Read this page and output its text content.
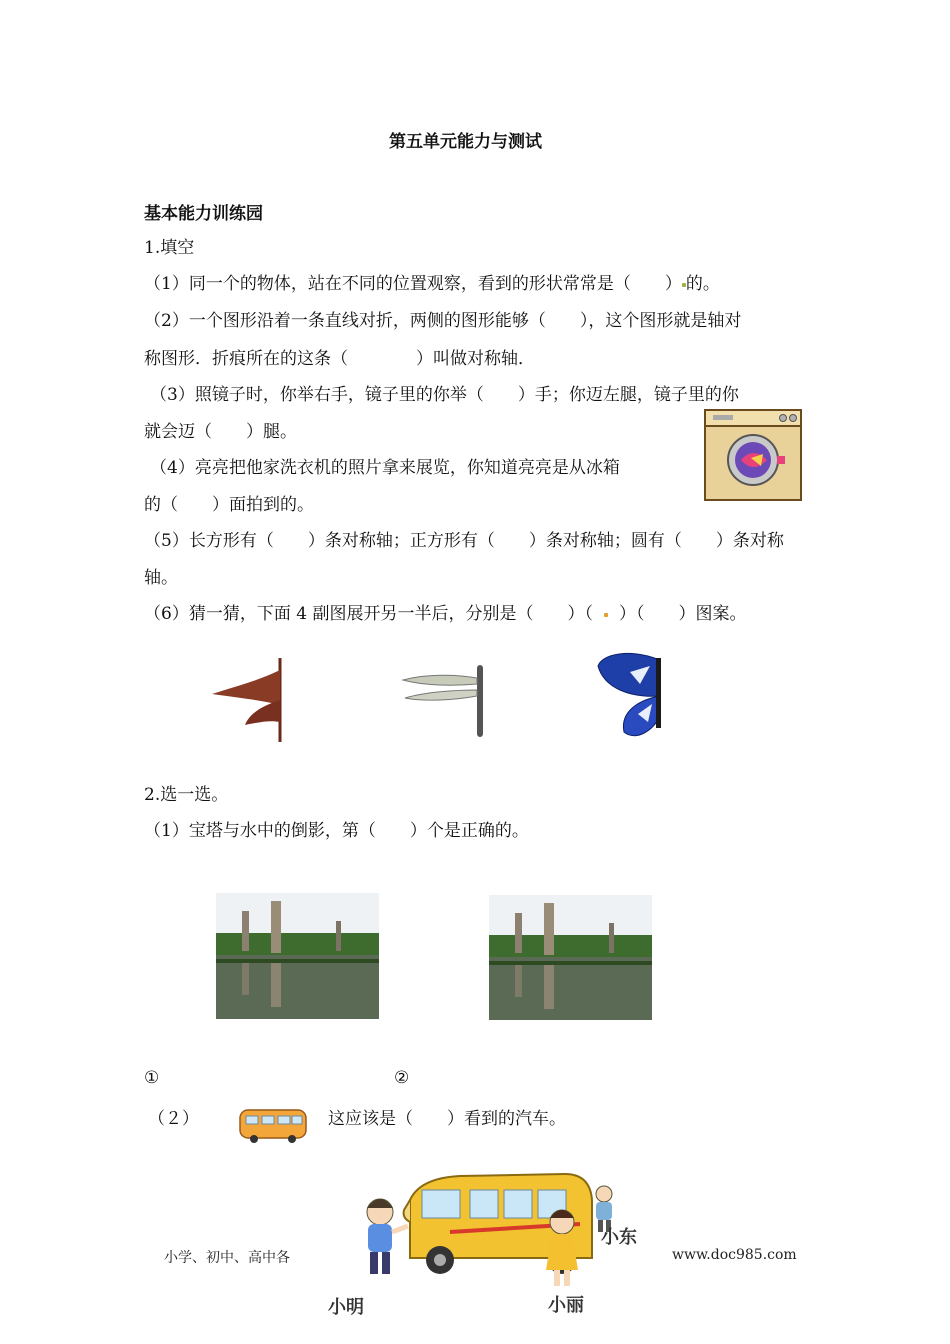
第五单元能力与测试
基本能力训练园
1.填空
（1）同一个的物体，站在不同的位置观察，看到的形状常常是（　　） 的。
（2）一个图形沿着一条直线对折，两侧的图形能够（　　），这个图形就是轴对
称图形．折痕所在的这条（　　　　）叫做对称轴．
（3）照镜子时，你举右手，镜子里的你举（　　）手；你迈左腿，镜子里的你
就会迈（　　）腿。
（4）亮亮把他家洗衣机的照片拿来展览，你知道亮亮是从冰箱
的（　　）面拍到的。
（5）长方形有（　　）条对称轴；正方形有（　　）条对称轴；圆有（　　）条对称
轴。
（6）猜一猜，下面 4 副图展开另一半后，分别是（　　）（ ）（　　）图案。
2.选一选。
（1）宝塔与水中的倒影，第（　　）个是正确的。
①	②
（２）	这应该是（　　）看到的汽车。
小东
小明	小丽
小学、初中、高中各	www.doc985.com
